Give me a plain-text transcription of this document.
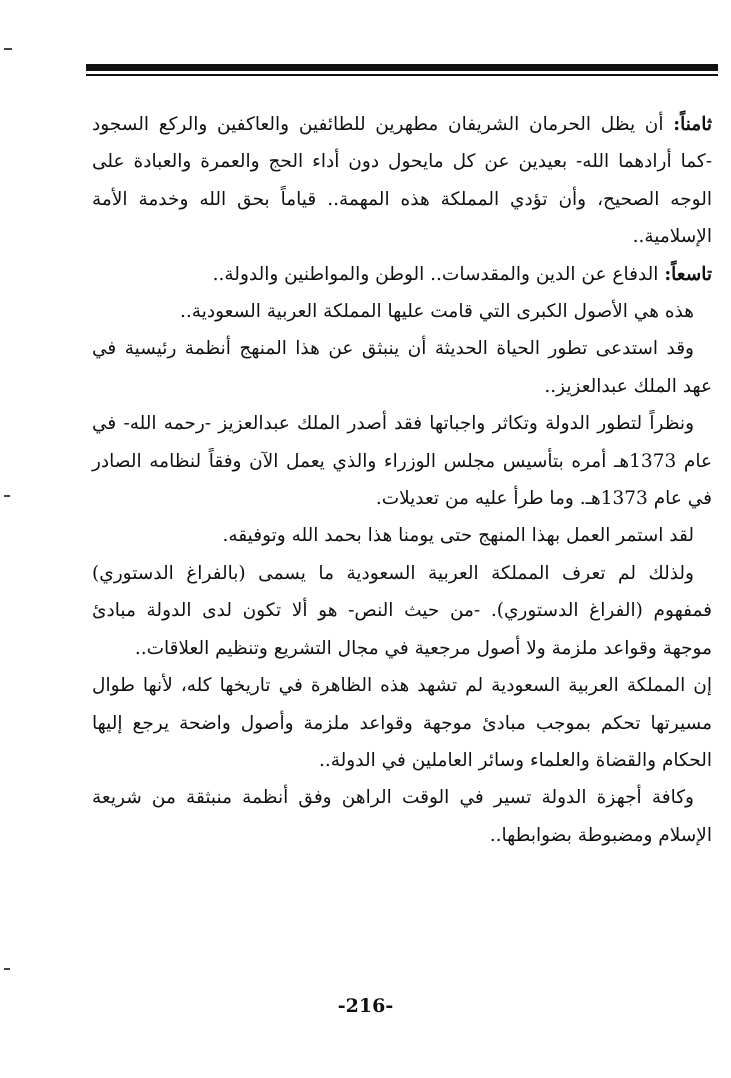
ثامناً: أن يظل الحرمان الشريفان مطهرين للطائفين والعاكفين والركع السجود -كما أرادهما الله- بعيدين عن كل مايحول دون أداء الحج والعمرة والعبادة على الوجه الصحيح، وأن تؤدي المملكة هذه المهمة.. قياماً بحق الله وخدمة الأمة الإسلامية..

تاسعاً: الدفاع عن الدين والمقدسات.. الوطن والمواطنين والدولة..

هذه هي الأصول الكبرى التي قامت عليها المملكة العربية السعودية..

وقد استدعى تطور الحياة الحديثة أن ينبثق عن هذا المنهج أنظمة رئيسية في عهد الملك عبدالعزيز..

ونظراً لتطور الدولة وتكاثر واجباتها فقد أصدر الملك عبدالعزيز -رحمه الله- في عام 1373هـ أمره بتأسيس مجلس الوزراء والذي يعمل الآن وفقاً لنظامه الصادر في عام 1373هـ. وما طرأ عليه من تعديلات.

لقد استمر العمل بهذا المنهج حتى يومنا هذا بحمد الله وتوفيقه.

ولذلك لم تعرف المملكة العربية السعودية ما يسمى (بالفراغ الدستوري) فمفهوم (الفراغ الدستوري). -من حيث النص- هو ألا تكون لدى الدولة مبادئ موجهة وقواعد ملزمة ولا أصول مرجعية في مجال التشريع وتنظيم العلاقات..

إن المملكة العربية السعودية لم تشهد هذه الظاهرة في تاريخها كله، لأنها طوال مسيرتها تحكم بموجب مبادئ موجهة وقواعد ملزمة وأصول واضحة يرجع إليها الحكام والقضاة والعلماء وسائر العاملين في الدولة..

وكافة أجهزة الدولة تسير في الوقت الراهن وفق أنظمة منبثقة من شريعة الإسلام ومضبوطة بضوابطها..

-216-
